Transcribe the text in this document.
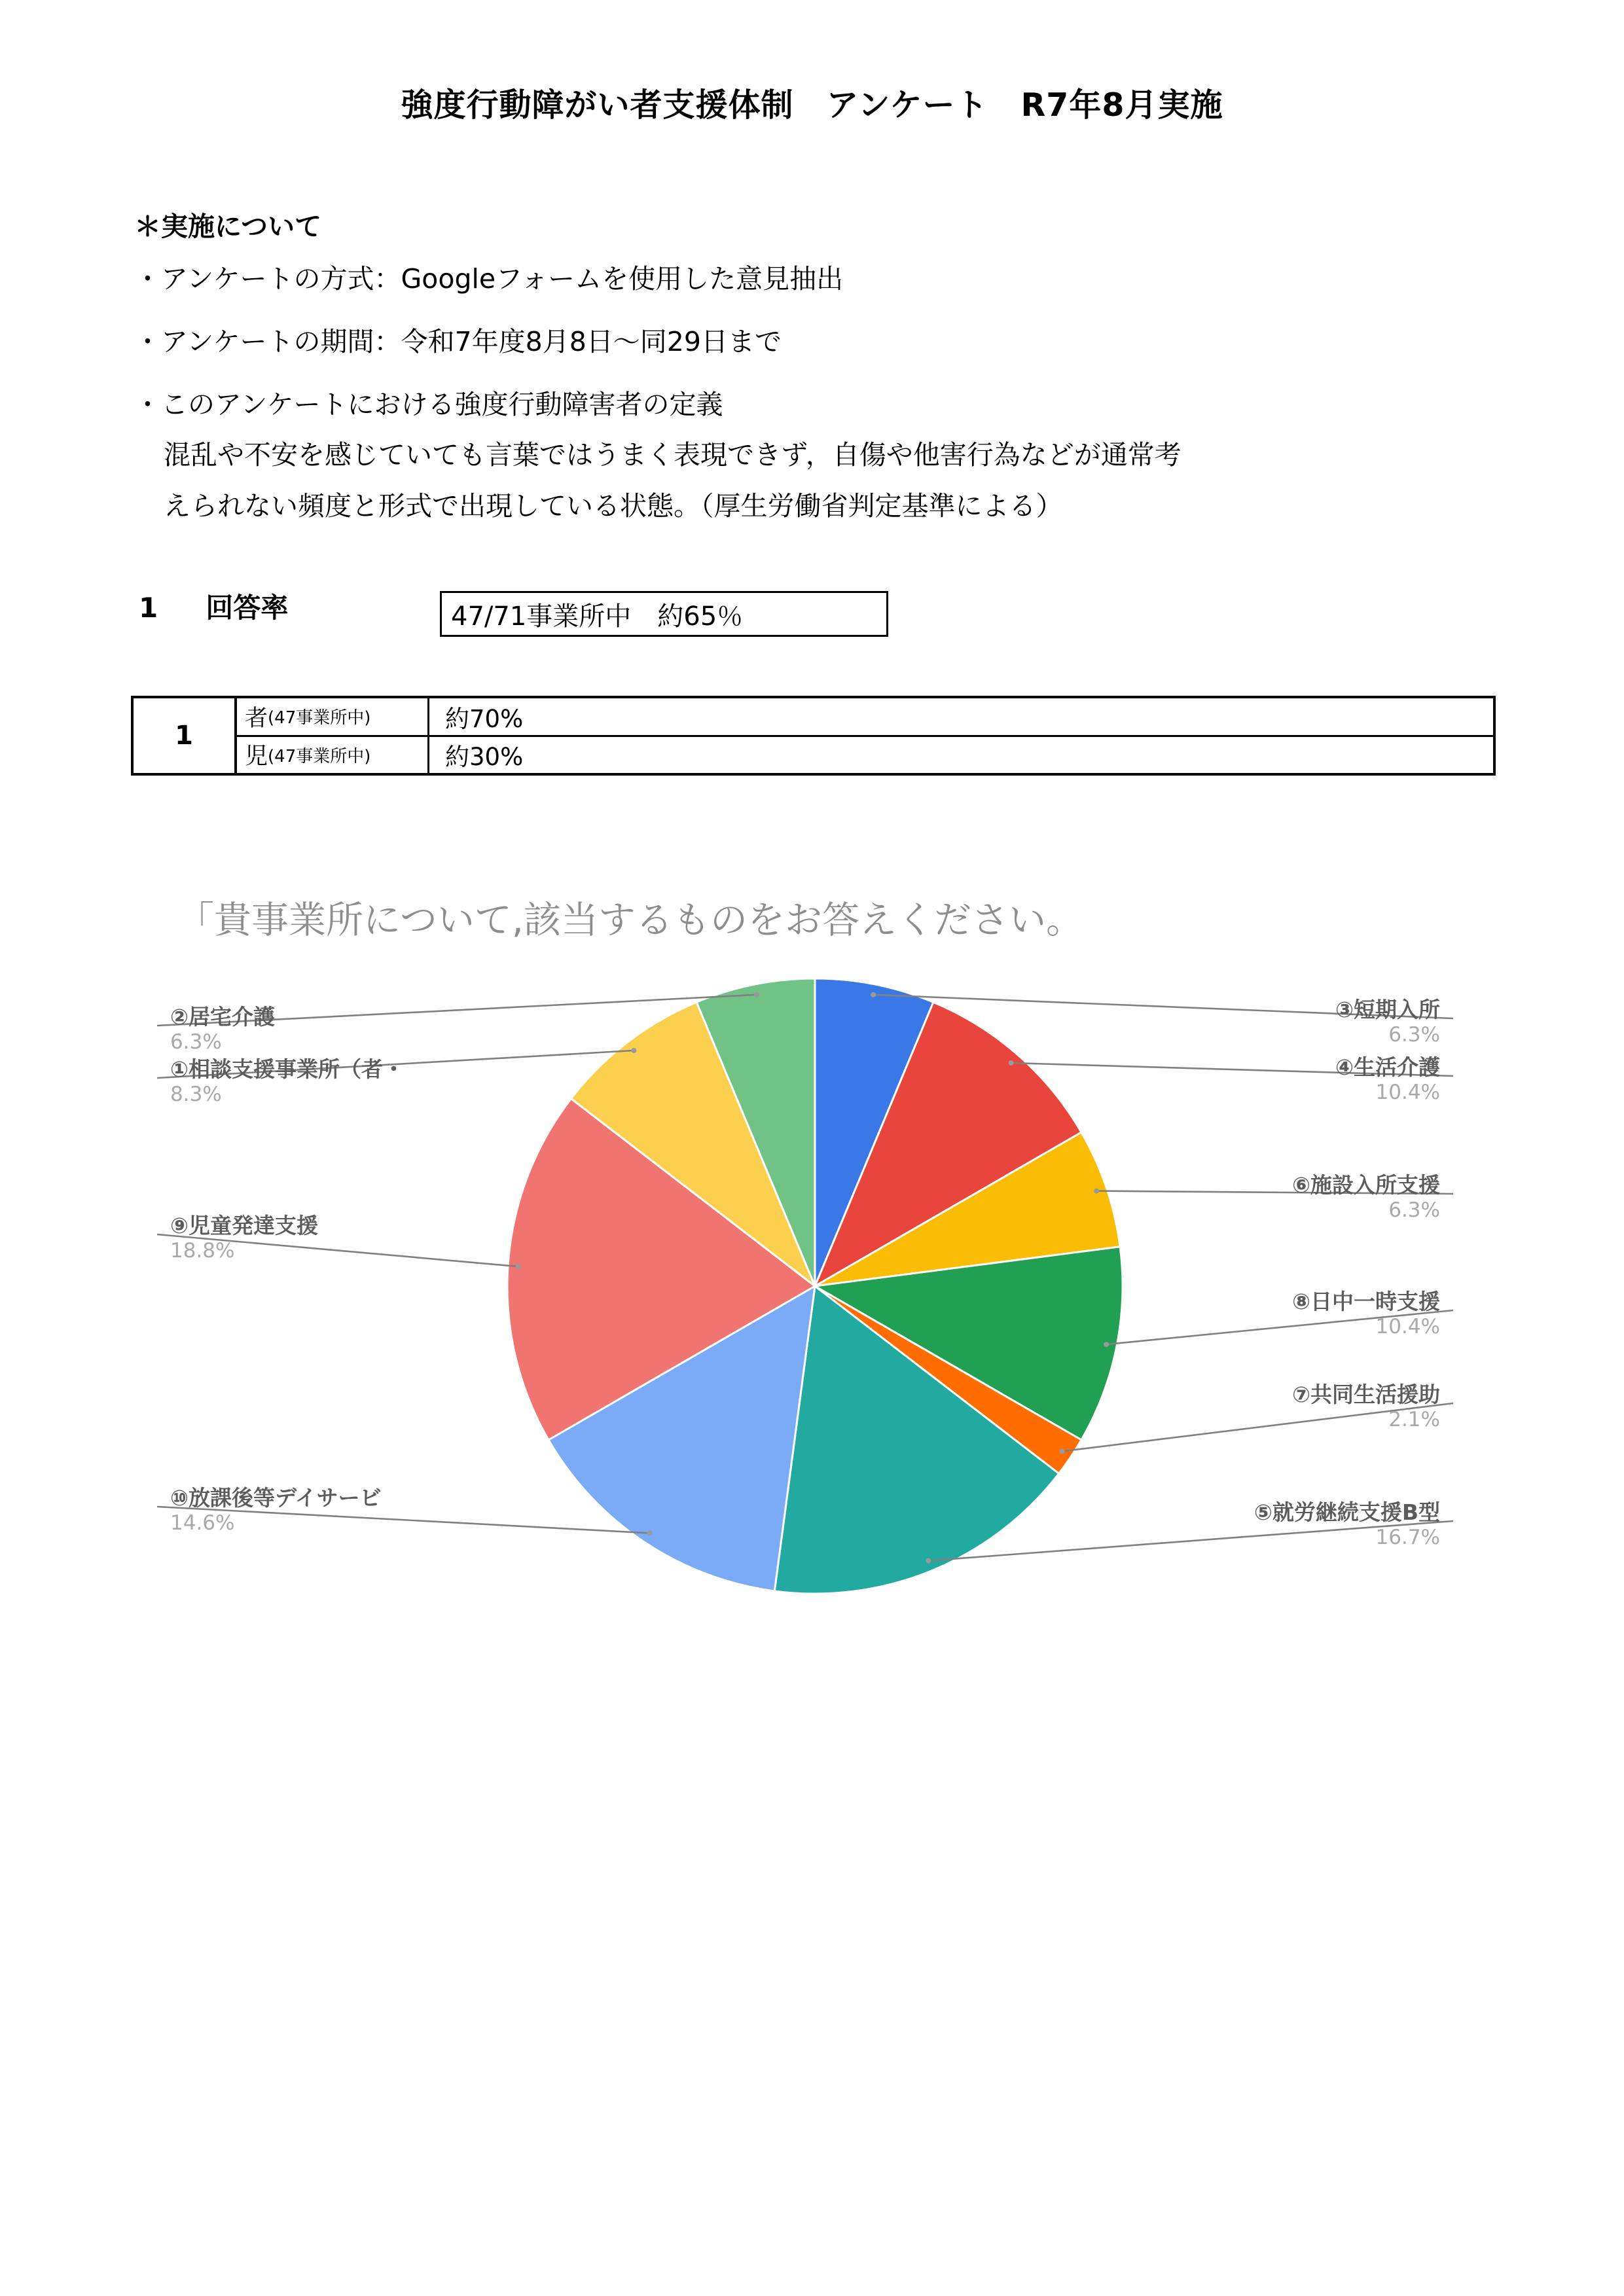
強度行動障がい者支援体制　アンケート　R7年8月実施
＊実施について
・アンケートの方式：Googleフォームを使用した意見抽出
・アンケートの期間：令和7年度8月8日〜同29日まで
・このアンケートにおける強度行動障害者の定義
混乱や不安を感じていても言葉ではうまく表現できず，自傷や他害行為などが通常考
えられない頻度と形式で出現している状態。（厚生労働省判定基準による）
1 回答率	47/71事業所中　約65％
1
者 (47事業所中)	約70%
児 (47事業所中)	約30%
「貴事業所について,該当するものをお答えください。
②居宅介護
6.3%
①相談支援事業所（者・
8.3%
⑨児童発達支援
18.8%
⑩放課後等デイサービ
14.6%
③短期入所
6.3%
④生活介護
10.4%
⑥施設入所支援
6.3%
⑧日中一時支援
10.4%
⑦共同生活援助
2.1%
⑤就労継続支援B型
16.7%
